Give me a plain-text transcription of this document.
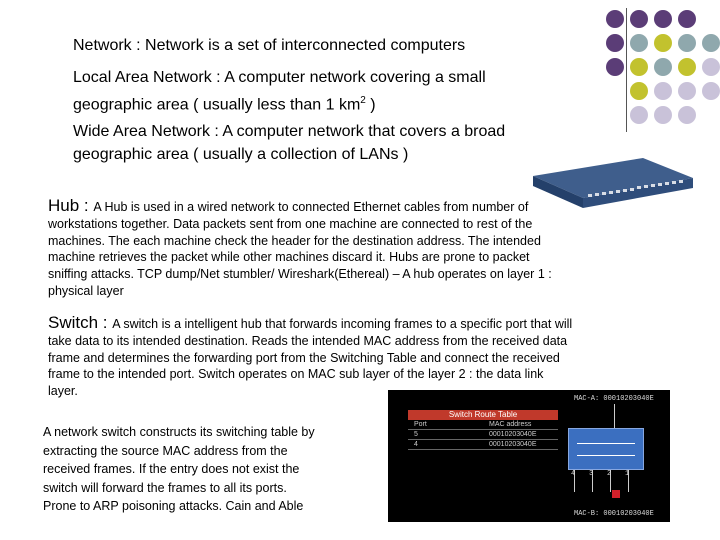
Network : Network is a set of interconnected computers
Local Area Network : A computer network covering a small
geographic area ( usually less than 1 $km^2$ )
Wide Area Network : A computer network that covers a broad
geographic area ( usually a collection of LANs )
Hub : A Hub is used in a wired network to connected Ethernet cables from number of
workstations together. Data packets sent from one machine are connected to rest of the
machines. The each machine check the header for the destination address. The intended
machine retrieves the packet while other machines discard it. Hubs are prone to packet
sniffing attacks. TCP dump/Net stumbler/ Wireshark(Ethereal) – A hub operates on layer 1 :
physical layer
Switch : A switch is a intelligent hub that forwards incoming frames to a specific port that will
take data to its intended destination. Reads the intended MAC address from the received data
frame and determines the forwarding port from the Switching Table and connect the received
frame to the intended port. Switch operates on MAC sub layer of the layer 2 : the data link
layer.
A network switch constructs its switching table by
extracting the source MAC address from the
received frames. If the entry does not exist the
switch will forward the frames to all its ports.
Prone to ARP poisoning attacks. Cain and Able
MAC-A: 00010203040E
Switch Route Table
Port	MAC address
5	00010203040E
4	00010203040E
4 3 2 1
MAC-B: 00010203040E
